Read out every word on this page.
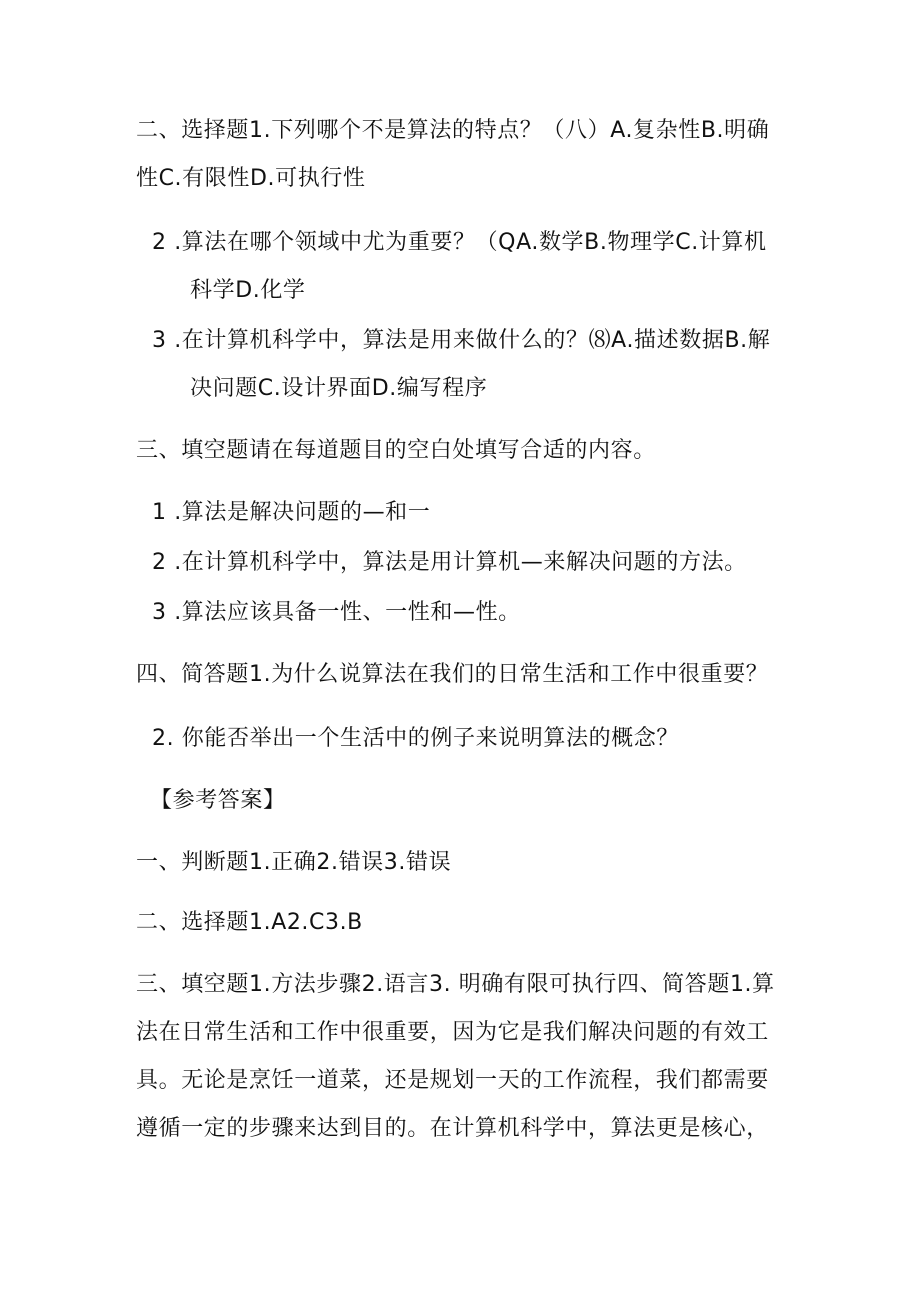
二、选择题1.下列哪个不是算法的特点？（八）A.复杂性B.明确
性C.有限性D.可执行性
2 .算法在哪个领域中尤为重要？（QA.数学B.物理学C.计算机
科学D.化学
3 .在计算机科学中，算法是用来做什么的？⑻A.描述数据B.解
决问题C.设计界面D.编写程序
三、填空题请在每道题目的空白处填写合适的内容。
1 .算法是解决问题的—和一
2 .在计算机科学中，算法是用计算机—来解决问题的方法。
3 .算法应该具备一性、一性和—性。
四、简答题1.为什么说算法在我们的日常生活和工作中很重要？
2. 你能否举出一个生活中的例子来说明算法的概念？
【参考答案】
一、判断题1.正确2.错误3.错误
二、选择题1.A2.C3.B
三、填空题1.方法步骤2.语言3. 明确有限可执行四、简答题1.算
法在日常生活和工作中很重要，因为它是我们解决问题的有效工
具。无论是烹饪一道菜，还是规划一天的工作流程，我们都需要
遵循一定的步骤来达到目的。在计算机科学中，算法更是核心，
